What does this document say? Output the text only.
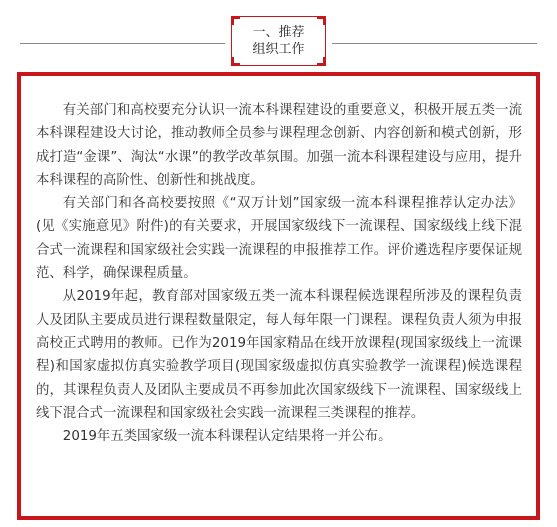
一、推荐
组织工作

有关部门和高校要充分认识一流本科课程建设的重要意义，积极开展五类一流本科课程建设大讨论，推动教师全员参与课程理念创新、内容创新和模式创新，形成打造“金课”、淘汰“水课”的教学改革氛围。加强一流本科课程建设与应用，提升本科课程的高阶性、创新性和挑战度。

有关部门和各高校要按照《“双万计划”国家级一流本科课程推荐认定办法》(见《实施意见》附件)的有关要求，开展国家级线下一流课程、国家级线上线下混合式一流课程和国家级社会实践一流课程的申报推荐工作。评价遴选程序要保证规范、科学，确保课程质量。

从2019年起，教育部对国家级五类一流本科课程候选课程所涉及的课程负责人及团队主要成员进行课程数量限定，每人每年限一门课程。课程负责人须为申报高校正式聘用的教师。已作为2019年国家精品在线开放课程(现国家级线上一流课程)和国家虚拟仿真实验教学项目(现国家级虚拟仿真实验教学一流课程)候选课程的，其课程负责人及团队主要成员不再参加此次国家级线下一流课程、国家级线上线下混合式一流课程和国家级社会实践一流课程三类课程的推荐。

2019年五类国家级一流本科课程认定结果将一并公布。
